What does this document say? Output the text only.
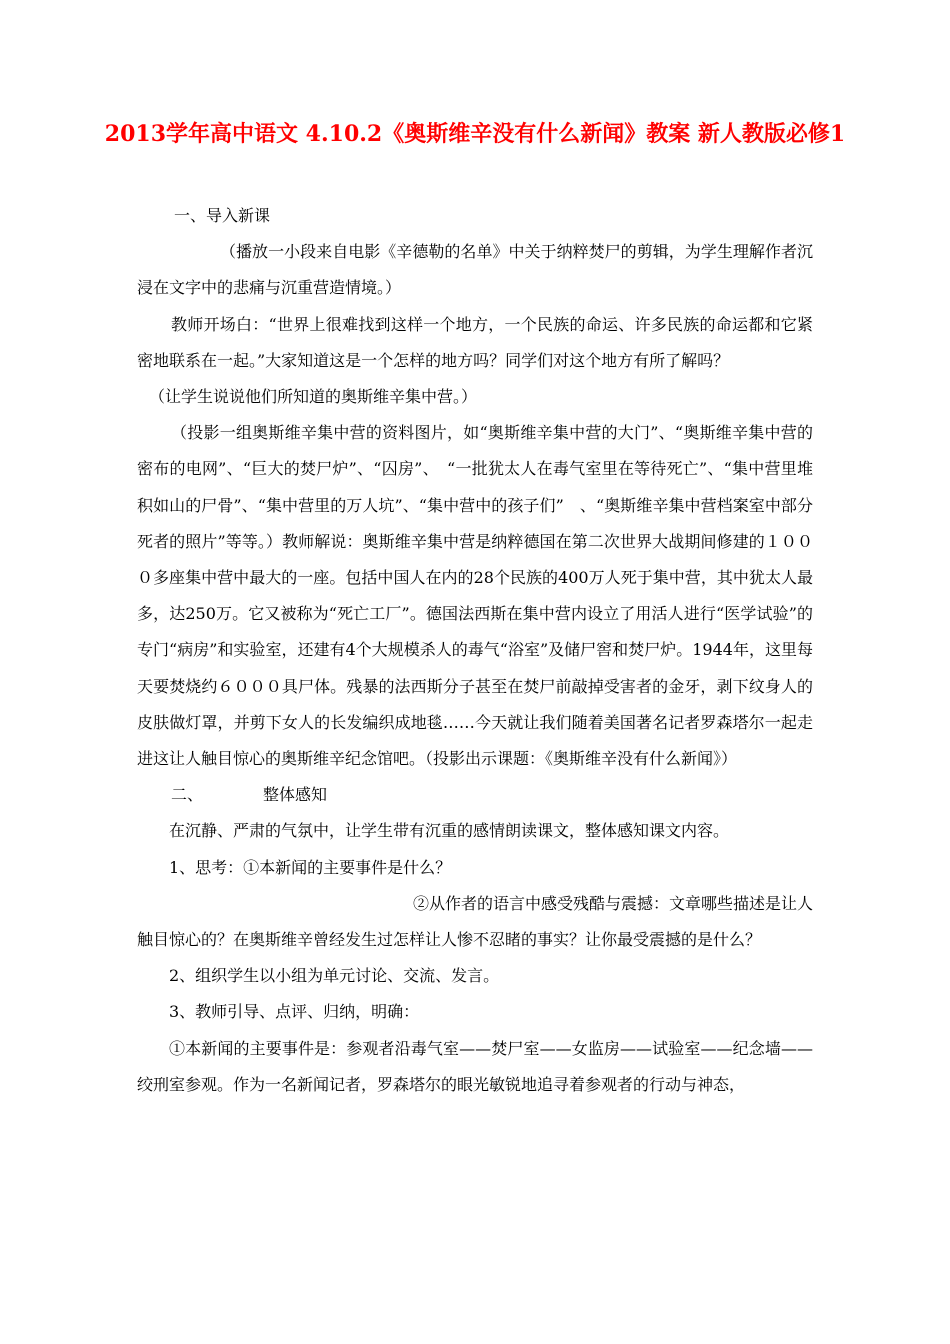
2013学年高中语文 4.10.2《奥斯维辛没有什么新闻》教案 新人教版必修1

一、导入新课

（播放一小段来自电影《辛德勒的名单》中关于纳粹焚尸的剪辑，为学生理解作者沉浸在文字中的悲痛与沉重营造情境。）

教师开场白：“世界上很难找到这样一个地方，一个民族的命运、许多民族的命运都和它紧密地联系在一起。”大家知道这是一个怎样的地方吗？同学们对这个地方有所了解吗？

（让学生说说他们所知道的奥斯维辛集中营。）

（投影一组奥斯维辛集中营的资料图片，如“奥斯维辛集中营的大门”、“奥斯维辛集中营的密布的电网”、“巨大的焚尸炉”、“囚房”、　“一批犹太人在毒气室里在等待死亡”、“集中营里堆积如山的尸骨”、“集中营里的万人坑”、“集中营中的孩子们”　、“奥斯维辛集中营档案室中部分死者的照片”等等。）教师解说：奥斯维辛集中营是纳粹德国在第二次世界大战期间修建的１０００多座集中营中最大的一座。包括中国人在内的28个民族的400万人死于集中营，其中犹太人最多，达250万。它又被称为“死亡工厂”。德国法西斯在集中营内设立了用活人进行“医学试验”的专门“病房”和实验室，还建有4个大规模杀人的毒气“浴室”及储尸窖和焚尸炉。1944年，这里每天要焚烧约６０００具尸体。残暴的法西斯分子甚至在焚尸前敲掉受害者的金牙，剥下纹身人的皮肤做灯罩，并剪下女人的长发编织成地毯……今天就让我们随着美国著名记者罗森塔尔一起走进这让人触目惊心的奥斯维辛纪念馆吧。（投影出示课题：《奥斯维辛没有什么新闻》）

二、	整体感知

在沉静、严肃的气氛中，让学生带有沉重的感情朗读课文，整体感知课文内容。

1、思考：①本新闻的主要事件是什么？

②从作者的语言中感受残酷与震撼：文章哪些描述是让人

触目惊心的？在奥斯维辛曾经发生过怎样让人惨不忍睹的事实？让你最受震撼的是什么？

2、组织学生以小组为单元讨论、交流、发言。

3、教师引导、点评、归纳，明确：

①本新闻的主要事件是：参观者沿毒气室——焚尸室——女监房——试验室——纪念墙——绞刑室参观。作为一名新闻记者，罗森塔尔的眼光敏锐地追寻着参观者的行动与神态，
